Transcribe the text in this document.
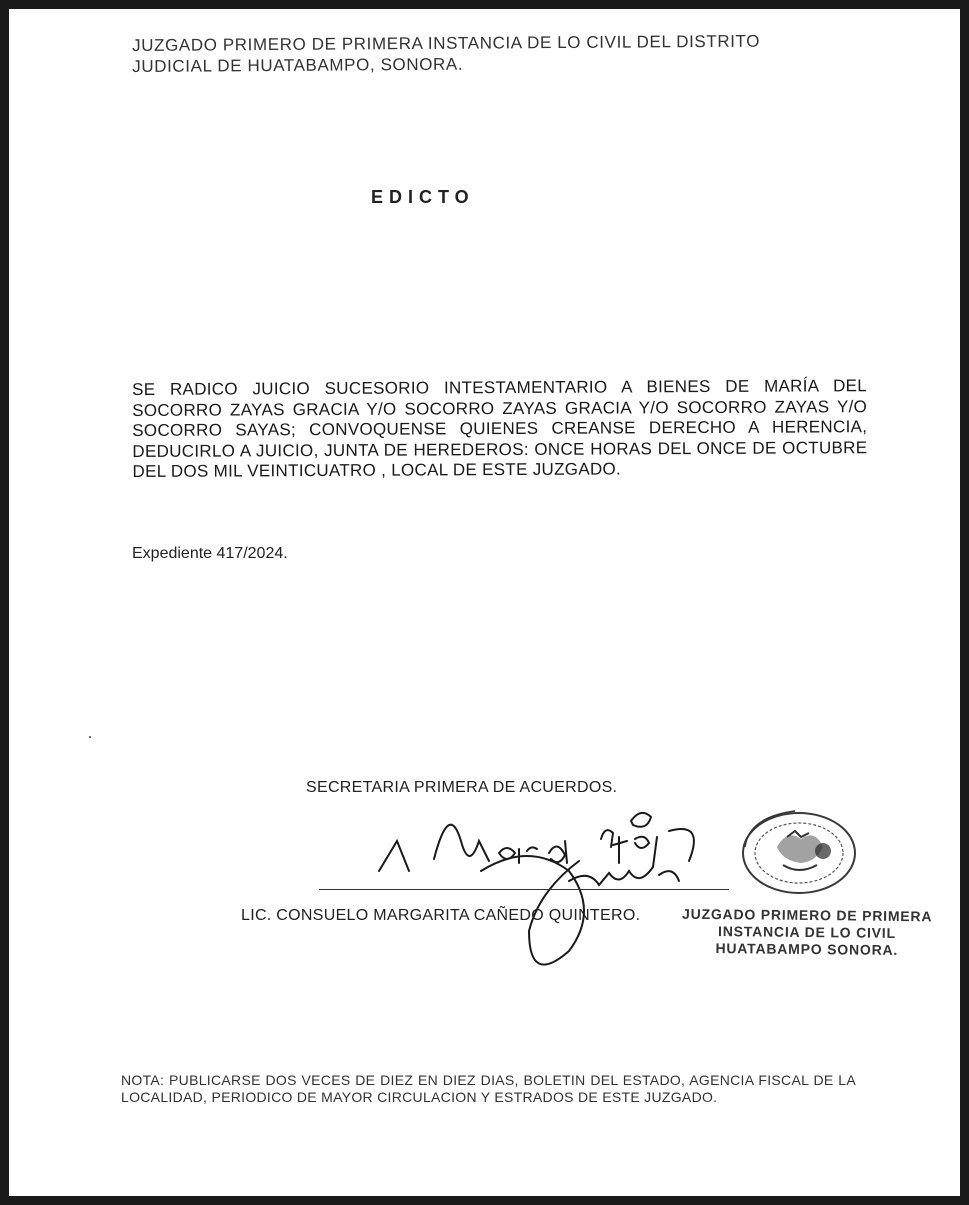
JUZGADO PRIMERO DE PRIMERA INSTANCIA DE LO CIVIL DEL DISTRITO
JUDICIAL DE HUATABAMPO, SONORA.
EDICTO
SE RADICO JUICIO SUCESORIO INTESTAMENTARIO A BIENES DE MARÍA DEL SOCORRO ZAYAS GRACIA Y/O SOCORRO ZAYAS GRACIA Y/O SOCORRO ZAYAS Y/O SOCORRO SAYAS; CONVOQUENSE QUIENES CREANSE DERECHO A HERENCIA, DEDUCIRLO A JUICIO, JUNTA DE HEREDEROS: ONCE HORAS DEL ONCE DE OCTUBRE DEL DOS MIL VEINTICUATRO , LOCAL DE ESTE JUZGADO.
Expediente 417/2024.
SECRETARIA PRIMERA DE ACUERDOS.
LIC. CONSUELO MARGARITA CAÑEDO QUINTERO.	JUZGADO PRIMERO DE PRIMERA
INSTANCIA DE LO CIVIL
HUATABAMPO SONORA.
NOTA: PUBLICARSE DOS VECES DE DIEZ EN DIEZ DIAS, BOLETIN DEL ESTADO, AGENCIA FISCAL DE LA LOCALIDAD, PERIODICO DE MAYOR CIRCULACION Y ESTRADOS DE ESTE JUZGADO.
